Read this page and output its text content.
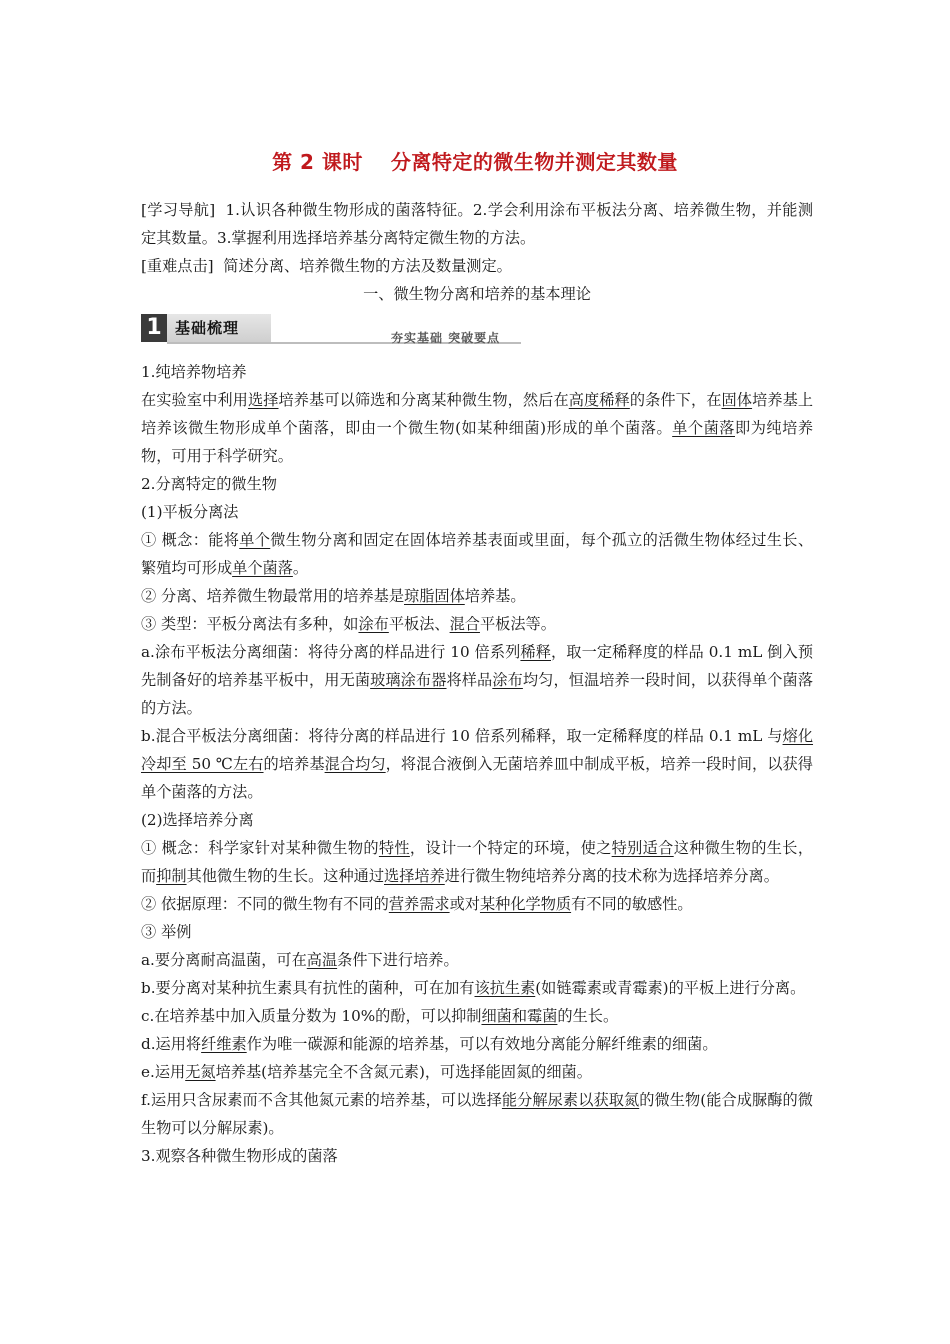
第 2 课时 分离特定的微生物并测定其数量

[学习导航] 1.认识各种微生物形成的菌落特征。2.学会利用涂布平板法分离、培养微生物，并能测定其数量。3.掌握利用选择培养基分离特定微生物的方法。

[重难点击] 简述分离、培养微生物的方法及数量测定。

一、微生物分离和培养的基本理论

1 基础梳理
夯实基础 突破要点

1.纯培养物培养

在实验室中利用选择培养基可以筛选和分离某种微生物，然后在高度稀释的条件下，在固体培养基上培养该微生物形成单个菌落，即由一个微生物(如某种细菌)形成的单个菌落。单个菌落即为纯培养物，可用于科学研究。

2.分离特定的微生物

(1)平板分离法

① 概念：能将单个微生物分离和固定在固体培养基表面或里面，每个孤立的活微生物体经过生长、繁殖均可形成单个菌落。

② 分离、培养微生物最常用的培养基是琼脂固体培养基。

③ 类型：平板分离法有多种，如涂布平板法、混合平板法等。

a.涂布平板法分离细菌：将待分离的样品进行 10 倍系列稀释，取一定稀释度的样品 0.1 mL 倒入预先制备好的培养基平板中，用无菌玻璃涂布器将样品涂布均匀，恒温培养一段时间，以获得单个菌落的方法。

b.混合平板法分离细菌：将待分离的样品进行 10 倍系列稀释，取一定稀释度的样品 0.1 mL 与熔化冷却至 50 ℃左右的培养基混合均匀，将混合液倒入无菌培养皿中制成平板，培养一段时间，以获得单个菌落的方法。

(2)选择培养分离

① 概念：科学家针对某种微生物的特性，设计一个特定的环境，使之特别适合这种微生物的生长，而抑制其他微生物的生长。这种通过选择培养进行微生物纯培养分离的技术称为选择培养分离。

② 依据原理：不同的微生物有不同的营养需求或对某种化学物质有不同的敏感性。

③ 举例

a.要分离耐高温菌，可在高温条件下进行培养。

b.要分离对某种抗生素具有抗性的菌种，可在加有该抗生素(如链霉素或青霉素)的平板上进行分离。

c.在培养基中加入质量分数为 10%的酚，可以抑制细菌和霉菌的生长。

d.运用将纤维素作为唯一碳源和能源的培养基，可以有效地分离能分解纤维素的细菌。

e.运用无氮培养基(培养基完全不含氮元素)，可选择能固氮的细菌。

f.运用只含尿素而不含其他氮元素的培养基，可以选择能分解尿素以获取氮的微生物(能合成脲酶的微生物可以分解尿素)。

3.观察各种微生物形成的菌落
